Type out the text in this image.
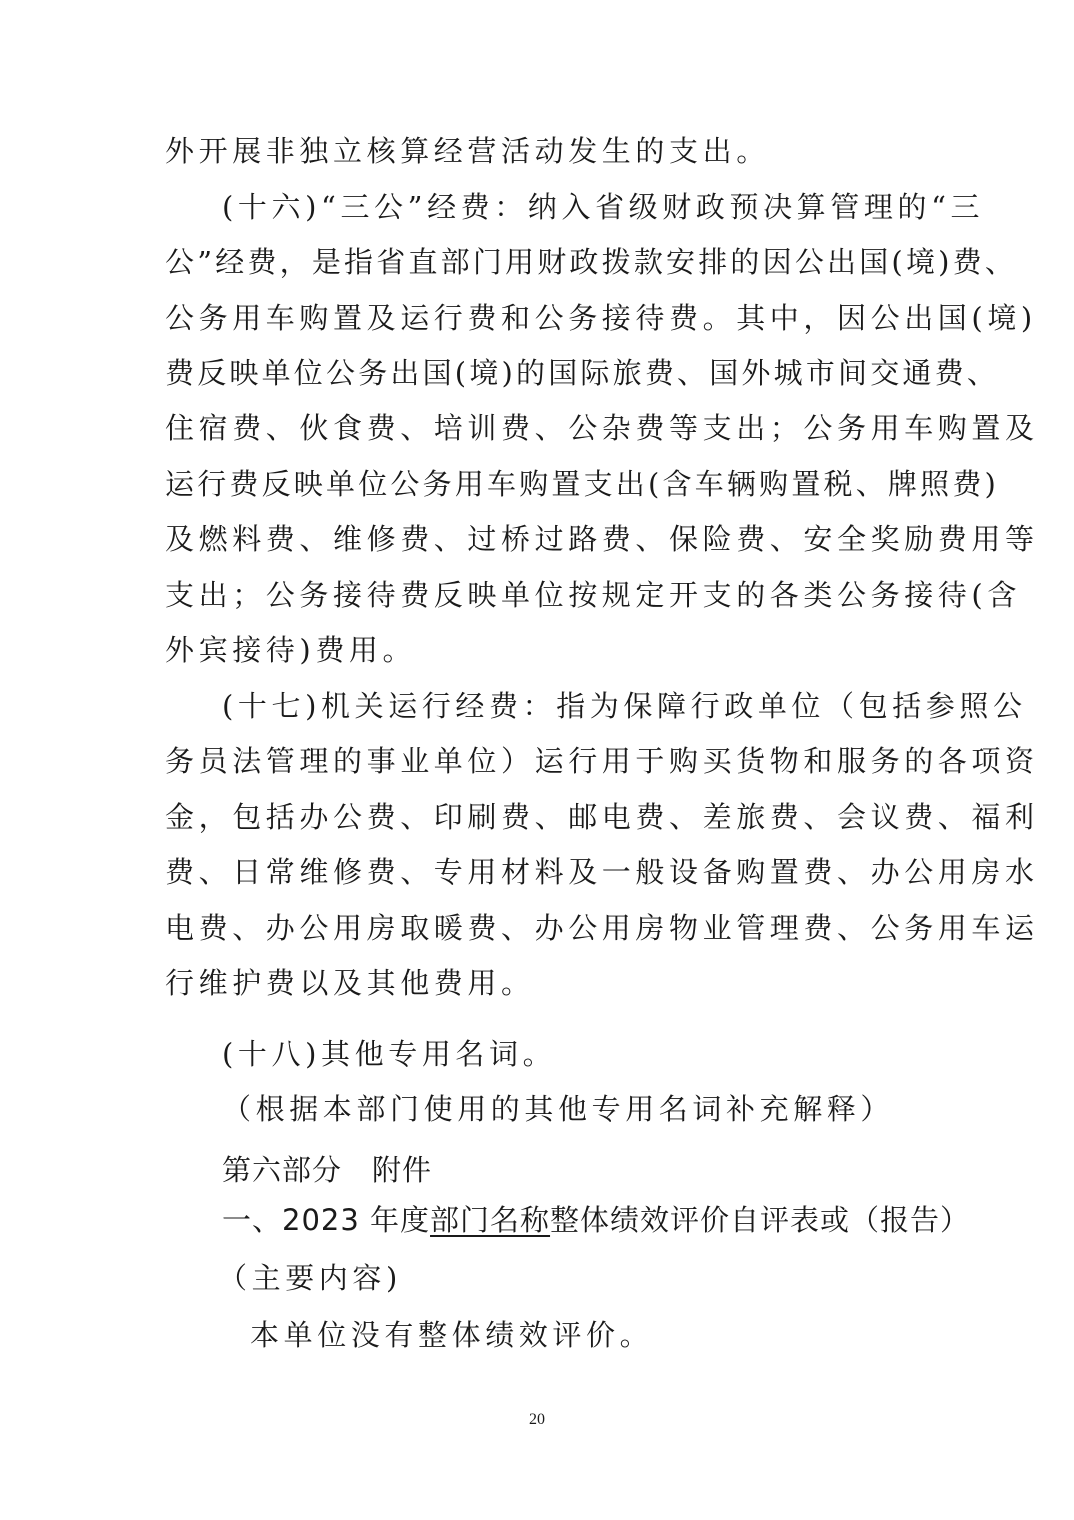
外开展非独立核算经营活动发生的支出。
(十六)“三公”经费：纳入省级财政预决算管理的“三
公”经费，是指省直部门用财政拨款安排的因公出国(境)费、
公务用车购置及运行费和公务接待费。其中，因公出国(境)
费反映单位公务出国(境)的国际旅费、国外城市间交通费、
住宿费、伙食费、培训费、公杂费等支出；公务用车购置及
运行费反映单位公务用车购置支出(含车辆购置税、牌照费)
及燃料费、维修费、过桥过路费、保险费、安全奖励费用等
支出；公务接待费反映单位按规定开支的各类公务接待(含
外宾接待)费用。
(十七)机关运行经费：指为保障行政单位（包括参照公
务员法管理的事业单位）运行用于购买货物和服务的各项资
金，包括办公费、印刷费、邮电费、差旅费、会议费、福利
费、日常维修费、专用材料及一般设备购置费、办公用房水
电费、办公用房取暖费、办公用房物业管理费、公务用车运
行维护费以及其他费用。
(十八)其他专用名词。
（根据本部门使用的其他专用名词补充解释）
第六部分　附件
一、2023 年度部门名称整体绩效评价自评表或（报告）
（主要内容)
本单位没有整体绩效评价。
20
